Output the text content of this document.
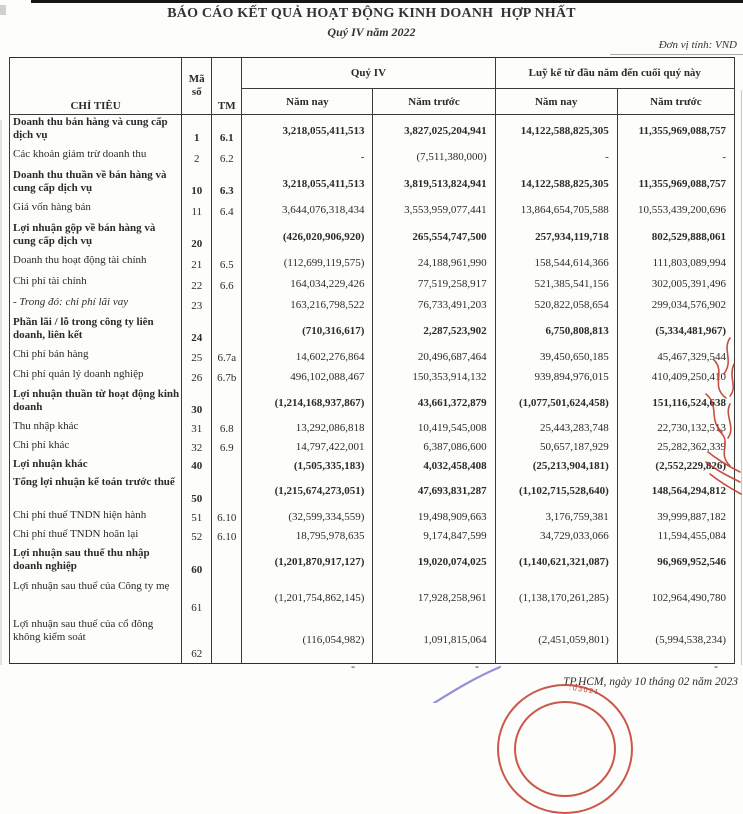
BÁO CÁO KẾT QUẢ HOẠT ĐỘNG KINH DOANH  HỢP NHẤT
Quý IV năm 2022
Đơn vị tính: VND
CHỈ TIÊU	Mã số	TM	Quý IV		Luỹ kế từ đầu năm đến cuối quý này	
			Năm nay	Năm trước	Năm nay	Năm trước
Doanh thu bán hàng và cung cấp dịch vụ	1	6.1	3,218,055,411,513	3,827,025,204,941	14,122,588,825,305	11,355,969,088,757
Các khoản giảm trừ doanh thu	2	6.2	-	(7,511,380,000)	-	-
Doanh thu thuần về bán hàng và cung cấp dịch vụ	10	6.3	3,218,055,411,513	3,819,513,824,941	14,122,588,825,305	11,355,969,088,757
Giá vốn hàng bán	11	6.4	3,644,076,318,434	3,553,959,077,441	13,864,654,705,588	10,553,439,200,696
Lợi nhuận gộp về bán hàng và cung cấp dịch vụ	20		(426,020,906,920)	265,554,747,500	257,934,119,718	802,529,888,061
Doanh thu hoạt động tài chính	21	6.5	(112,699,119,575)	24,188,961,990	158,544,614,366	111,803,089,994
Chi phí tài chính	22	6.6	164,034,229,426	77,519,258,917	521,385,541,156	302,005,391,496
- Trong đó: chi phí lãi vay	23		163,216,798,522	76,733,491,203	520,822,058,654	299,034,576,902
Phần lãi / lỗ trong công ty liên doanh, liên kết	24		(710,316,617)	2,287,523,902	6,750,808,813	(5,334,481,967)
Chi phí bán hàng	25	6.7a	14,602,276,864	20,496,687,464	39,450,650,185	45,467,329,544
Chi phí quản lý doanh nghiệp	26	6.7b	496,102,088,467	150,353,914,132	939,894,976,015	410,409,250,410
Lợi nhuận thuần từ hoạt động kinh doanh	30		(1,214,168,937,867)	43,661,372,879	(1,077,501,624,458)	151,116,524,638
Thu nhập khác	31	6.8	13,292,086,818	10,419,545,008	25,443,283,748	22,730,132,513
Chi phí khác	32	6.9	14,797,422,001	6,387,086,600	50,657,187,929	25,282,362,339
Lợi nhuận khác	40		(1,505,335,183)	4,032,458,408	(25,213,904,181)	(2,552,229,826)
Tổng lợi nhuận kế toán trước thuế	50		(1,215,674,273,051)	47,693,831,287	(1,102,715,528,640)	148,564,294,812
Chi phí thuế TNDN hiện hành	51	6.10	(32,599,334,559)	19,498,909,663	3,176,759,381	39,999,887,182
Chi phí thuế TNDN hoãn lại	52	6.10	18,795,978,635	9,174,847,599	34,729,033,066	11,594,455,084
Lợi nhuận sau thuế thu nhập doanh nghiệp	60		(1,201,870,917,127)	19,020,074,025	(1,140,621,321,087)	96,969,952,546
Lợi nhuận sau thuế của Công ty mẹ	61		(1,201,754,862,145)	17,928,258,961	(1,138,170,261,285)	102,964,490,780
Lợi nhuận sau thuế của cổ đông không kiểm soát	62		(116,054,982)	1,091,815,064	(2,451,059,801)	(5,994,538,234)
-	-	-
TP.HCM, ngày 10 tháng 02 năm 2023
:03021
